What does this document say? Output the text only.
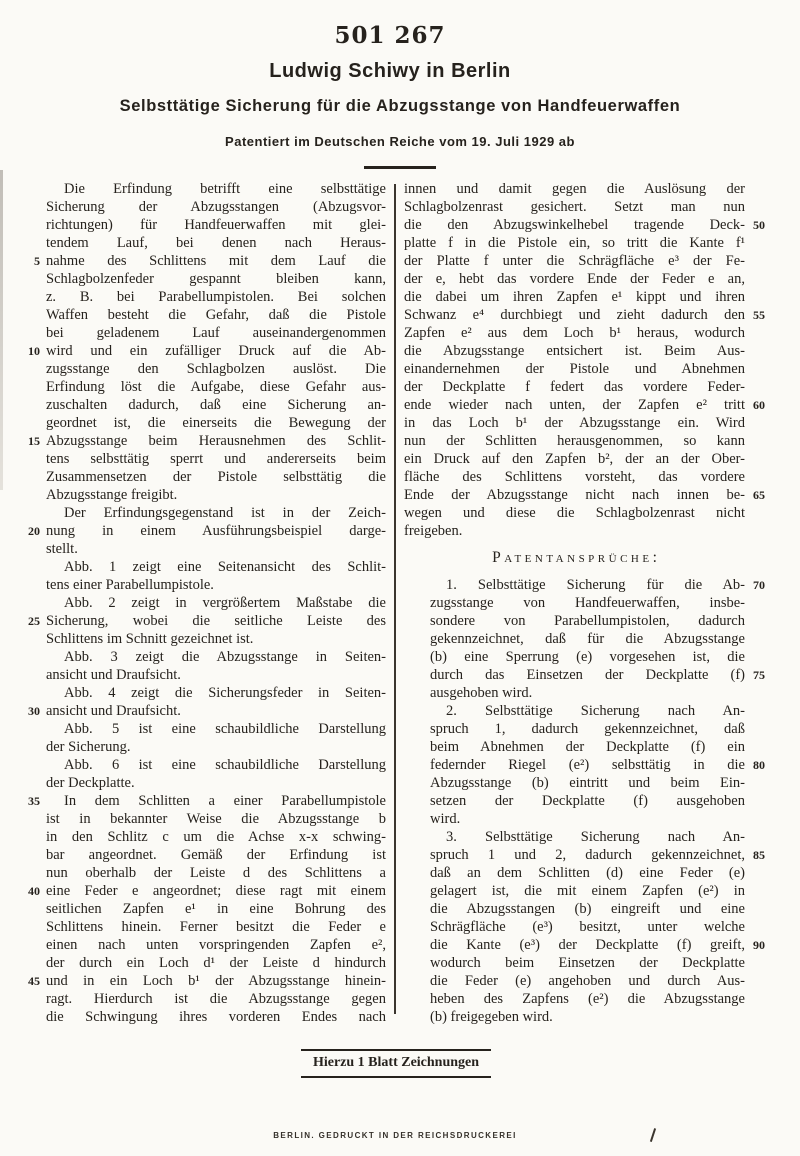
501 267
Ludwig Schiwy in Berlin
Selbsttätige Sicherung für die Abzugsstange von Handfeuerwaffen
Patentiert im Deutschen Reiche vom 19. Juli 1929 ab
5
10
15
20
25
30
35
40
45
50
55
60
65
70
75
80
85
90
Die Erfindung betrifft eine selbsttätige
Sicherung der Abzugsstangen (Abzugsvor-
richtungen) für Handfeuerwaffen mit glei-
tendem Lauf, bei denen nach Heraus-
nahme des Schlittens mit dem Lauf die
Schlagbolzenfeder gespannt bleiben kann,
z. B. bei Parabellumpistolen. Bei solchen
Waffen besteht die Gefahr, daß die Pistole
bei geladenem Lauf auseinandergenommen
wird und ein zufälliger Druck auf die Ab-
zugsstange den Schlagbolzen auslöst. Die
Erfindung löst die Aufgabe, diese Gefahr aus-
zuschalten dadurch, daß eine Sicherung an-
geordnet ist, die einerseits die Bewegung der
Abzugsstange beim Herausnehmen des Schlit-
tens selbsttätig sperrt und andererseits beim
Zusammensetzen der Pistole selbsttätig die
Abzugsstange freigibt.
Der Erfindungsgegenstand ist in der Zeich-
nung in einem Ausführungsbeispiel darge-
stellt.
Abb. 1 zeigt eine Seitenansicht des Schlit-
tens einer Parabellumpistole.
Abb. 2 zeigt in vergrößertem Maßstabe die
Sicherung, wobei die seitliche Leiste des
Schlittens im Schnitt gezeichnet ist.
Abb. 3 zeigt die Abzugsstange in Seiten-
ansicht und Draufsicht.
Abb. 4 zeigt die Sicherungsfeder in Seiten-
ansicht und Draufsicht.
Abb. 5 ist eine schaubildliche Darstellung
der Sicherung.
Abb. 6 ist eine schaubildliche Darstellung
der Deckplatte.
In dem Schlitten a einer Parabellumpistole
ist in bekannter Weise die Abzugsstange b
in den Schlitz c um die Achse x-x schwing-
bar angeordnet. Gemäß der Erfindung ist
nun oberhalb der Leiste d des Schlittens a
eine Feder e angeordnet; diese ragt mit einem
seitlichen Zapfen e¹ in eine Bohrung des
Schlittens hinein. Ferner besitzt die Feder e
einen nach unten vorspringenden Zapfen e²,
der durch ein Loch d¹ der Leiste d hindurch
und in ein Loch b¹ der Abzugsstange hinein-
ragt. Hierdurch ist die Abzugsstange gegen
die Schwingung ihres vorderen Endes nach
innen und damit gegen die Auslösung der
Schlagbolzenrast gesichert. Setzt man nun
die den Abzugswinkelhebel tragende Deck-
platte f in die Pistole ein, so tritt die Kante f¹
der Platte f unter die Schrägfläche e³ der Fe-
der e, hebt das vordere Ende der Feder e an,
die dabei um ihren Zapfen e¹ kippt und ihren
Schwanz e⁴ durchbiegt und zieht dadurch den
Zapfen e² aus dem Loch b¹ heraus, wodurch
die Abzugsstange entsichert ist. Beim Aus-
einandernehmen der Pistole und Abnehmen
der Deckplatte f federt das vordere Feder-
ende wieder nach unten, der Zapfen e² tritt
in das Loch b¹ der Abzugsstange ein. Wird
nun der Schlitten herausgenommen, so kann
ein Druck auf den Zapfen b², der an der Ober-
fläche des Schlittens vorsteht, das vordere
Ende der Abzugsstange nicht nach innen be-
wegen und diese die Schlagbolzenrast nicht
freigeben.
Patentansprüche:
1. Selbsttätige Sicherung für die Ab-
zugsstange von Handfeuerwaffen, insbe-
sondere von Parabellumpistolen, dadurch
gekennzeichnet, daß für die Abzugsstange
(b) eine Sperrung (e) vorgesehen ist, die
durch das Einsetzen der Deckplatte (f)
ausgehoben wird.
2. Selbsttätige Sicherung nach An-
spruch 1, dadurch gekennzeichnet, daß
beim Abnehmen der Deckplatte (f) ein
federnder Riegel (e²) selbsttätig in die
Abzugsstange (b) eintritt und beim Ein-
setzen der Deckplatte (f) ausgehoben
wird.
3. Selbsttätige Sicherung nach An-
spruch 1 und 2, dadurch gekennzeichnet,
daß an dem Schlitten (d) eine Feder (e)
gelagert ist, die mit einem Zapfen (e²) in
die Abzugsstangen (b) eingreift und eine
Schrägfläche (e³) besitzt, unter welche
die Kante (e³) der Deckplatte (f) greift,
wodurch beim Einsetzen der Deckplatte
die Feder (e) angehoben und durch Aus-
heben des Zapfens (e²) die Abzugsstange
(b) freigegeben wird.
Hierzu 1 Blatt Zeichnungen
BERLIN. GEDRUCKT IN DER REICHSDRUCKEREI
